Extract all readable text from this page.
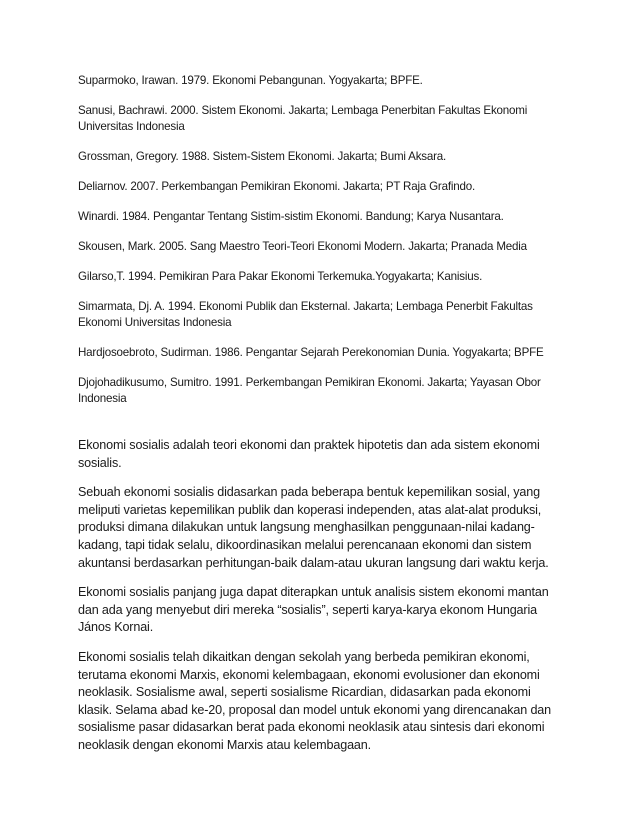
Suparmoko, Irawan. 1979. Ekonomi Pebangunan. Yogyakarta; BPFE.

Sanusi, Bachrawi. 2000. Sistem Ekonomi. Jakarta; Lembaga Penerbitan Fakultas Ekonomi Universitas Indonesia

Grossman, Gregory. 1988. Sistem-Sistem Ekonomi. Jakarta; Bumi Aksara.

Deliarnov. 2007. Perkembangan Pemikiran Ekonomi. Jakarta; PT Raja Grafindo.

Winardi. 1984. Pengantar Tentang Sistim-sistim Ekonomi. Bandung; Karya Nusantara.

Skousen, Mark. 2005. Sang Maestro Teori-Teori Ekonomi Modern. Jakarta; Pranada Media

Gilarso,T. 1994. Pemikiran Para Pakar Ekonomi Terkemuka.Yogyakarta; Kanisius.

Simarmata, Dj. A. 1994. Ekonomi Publik dan Eksternal. Jakarta; Lembaga Penerbit Fakultas Ekonomi Universitas Indonesia

Hardjosoebroto, Sudirman. 1986. Pengantar Sejarah Perekonomian Dunia. Yogyakarta; BPFE

Djojohadikusumo, Sumitro. 1991. Perkembangan Pemikiran Ekonomi. Jakarta; Yayasan Obor Indonesia

Ekonomi sosialis adalah teori ekonomi dan praktek hipotetis dan ada sistem ekonomi sosialis.

Sebuah ekonomi sosialis didasarkan pada beberapa bentuk kepemilikan sosial, yang meliputi varietas kepemilikan publik dan koperasi independen, atas alat-alat produksi, produksi dimana dilakukan untuk langsung menghasilkan penggunaan-nilai kadang-kadang, tapi tidak selalu, dikoordinasikan melalui perencanaan ekonomi dan sistem akuntansi berdasarkan perhitungan-baik dalam-atau ukuran langsung dari waktu kerja.

Ekonomi sosialis panjang juga dapat diterapkan untuk analisis sistem ekonomi mantan dan ada yang menyebut diri mereka “sosialis”, seperti karya-karya ekonom Hungaria János Kornai.

Ekonomi sosialis telah dikaitkan dengan sekolah yang berbeda pemikiran ekonomi, terutama ekonomi Marxis, ekonomi kelembagaan, ekonomi evolusioner dan ekonomi neoklasik. Sosialisme awal, seperti sosialisme Ricardian, didasarkan pada ekonomi klasik. Selama abad ke-20, proposal dan model untuk ekonomi yang direncanakan dan sosialisme pasar didasarkan berat pada ekonomi neoklasik atau sintesis dari ekonomi neoklasik dengan ekonomi Marxis atau kelembagaan.
